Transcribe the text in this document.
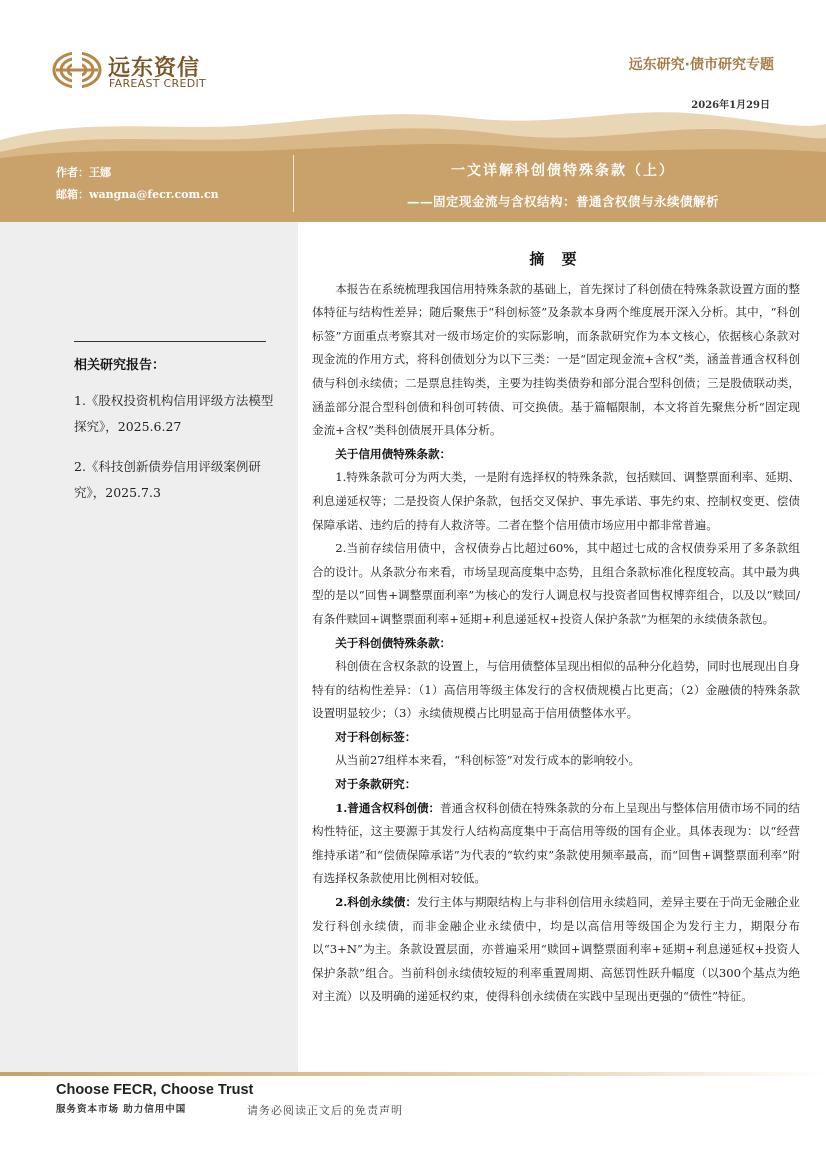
远东资信
FAREAST CREDIT
远东研究·债市研究专题
2026年1月29日
作者：王娜
邮箱：wangna@fecr.com.cn
一文详解科创债特殊条款（上）
——固定现金流与含权结构：普通含权债与永续债解析
相关研究报告：
1.《股权投资机构信用评级方法模型探究》，2025.6.27
2.《科技创新债券信用评级案例研究》，2025.7.3
摘 要

本报告在系统梳理我国信用特殊条款的基础上，首先探讨了科创债在特殊条款设置方面的整体特征与结构性差异；随后聚焦于“科创标签”及条款本身两个维度展开深入分析。其中，“科创标签”方面重点考察其对一级市场定价的实际影响，而条款研究作为本文核心，依据核心条款对现金流的作用方式，将科创债划分为以下三类：一是“固定现金流+含权”类，涵盖普通含权科创债与科创永续债；二是票息挂钩类，主要为挂钩类债券和部分混合型科创债；三是股债联动类，涵盖部分混合型科创债和科创可转债、可交换债。基于篇幅限制，本文将首先聚焦分析“固定现金流+含权”类科创债展开具体分析。

关于信用债特殊条款：

1.特殊条款可分为两大类，一是附有选择权的特殊条款，包括赎回、调整票面利率、延期、利息递延权等；二是投资人保护条款，包括交叉保护、事先承诺、事先约束、控制权变更、偿债保障承诺、违约后的持有人救济等。二者在整个信用债市场应用中都非常普遍。

2.当前存续信用债中，含权债券占比超过60%，其中超过七成的含权债券采用了多条款组合的设计。从条款分布来看，市场呈现高度集中态势，且组合条款标准化程度较高。其中最为典型的是以“回售+调整票面利率”为核心的发行人调息权与投资者回售权博弈组合，以及以“赎回/有条件赎回+调整票面利率+延期+利息递延权+投资人保护条款”为框架的永续债条款包。

关于科创债特殊条款：

科创债在含权条款的设置上，与信用债整体呈现出相似的品种分化趋势，同时也展现出自身特有的结构性差异：（1）高信用等级主体发行的含权债规模占比更高；（2）金融债的特殊条款设置明显较少；（3）永续债规模占比明显高于信用债整体水平。

对于科创标签：

从当前27组样本来看，“科创标签”对发行成本的影响较小。

对于条款研究：

1.普通含权科创债：普通含权科创债在特殊条款的分布上呈现出与整体信用债市场不同的结构性特征，这主要源于其发行人结构高度集中于高信用等级的国有企业。具体表现为：以“经营维持承诺”和“偿债保障承诺”为代表的“软约束”条款使用频率最高，而“回售+调整票面利率”附有选择权条款使用比例相对较低。

2.科创永续债：发行主体与期限结构上与非科创信用永续趋同，差异主要在于尚无金融企业发行科创永续债，而非金融企业永续债中，均是以高信用等级国企为发行主力，期限分布以“3+N”为主。条款设置层面，亦普遍采用“赎回+调整票面利率+延期+利息递延权+投资人保护条款”组合。当前科创永续债较短的利率重置周期、高惩罚性跃升幅度（以300个基点为绝对主流）以及明确的递延权约束，使得科创永续债在实践中呈现出更强的“债性”特征。

Choose FECR, Choose Trust
服务资本市场 助力信用中国	请务必阅读正文后的免责声明
